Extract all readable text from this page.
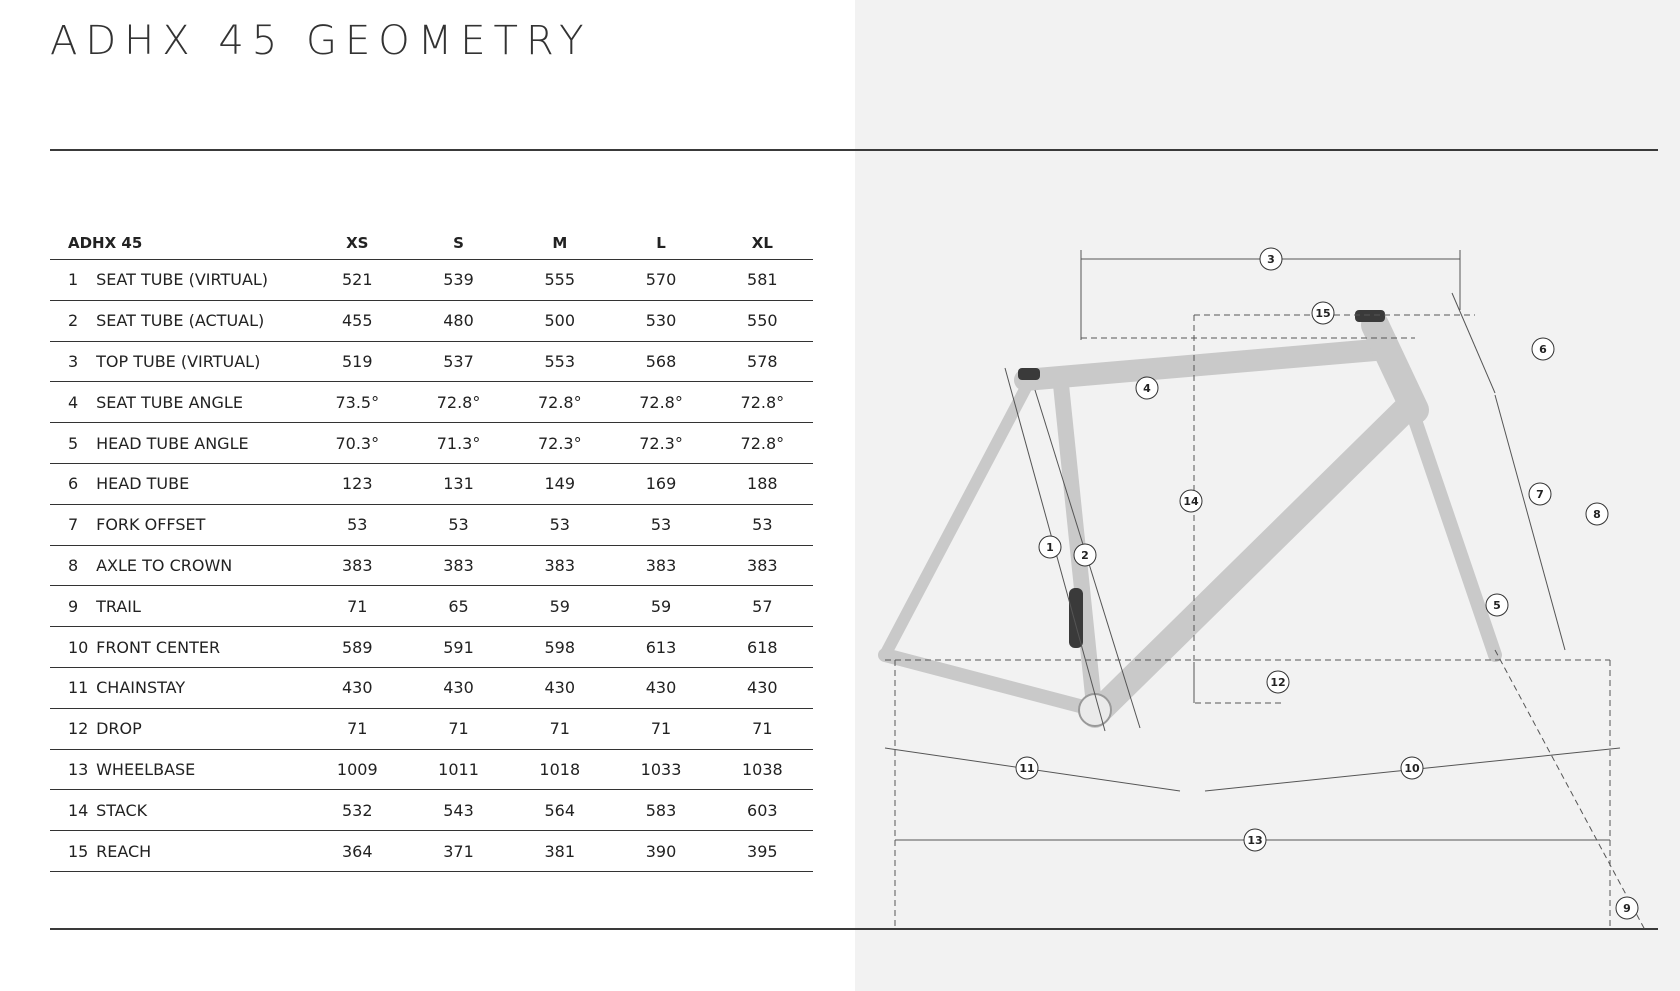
ADHX 45 GEOMETRY
ADHX 45		XS	S	M	L	XL
1	SEAT TUBE (VIRTUAL)	521	539	555	570	581
2	SEAT TUBE (ACTUAL)	455	480	500	530	550
3	TOP TUBE (VIRTUAL)	519	537	553	568	578
4	SEAT TUBE ANGLE	73.5°	72.8°	72.8°	72.8°	72.8°
5	HEAD TUBE ANGLE	70.3°	71.3°	72.3°	72.3°	72.8°
6	HEAD TUBE	123	131	149	169	188
7	FORK OFFSET	53	53	53	53	53
8	AXLE TO CROWN	383	383	383	383	383
9	TRAIL	71	65	59	59	57
10	FRONT CENTER	589	591	598	613	618
11	CHAINSTAY	430	430	430	430	430
12	DROP	71	71	71	71	71
13	WHEELBASE	1009	1011	1018	1033	1038
14	STACK	532	543	564	583	603
15	REACH	364	371	381	390	395
1
2
3
4
5
6
7
8
9
10
11
12
13
14
15
